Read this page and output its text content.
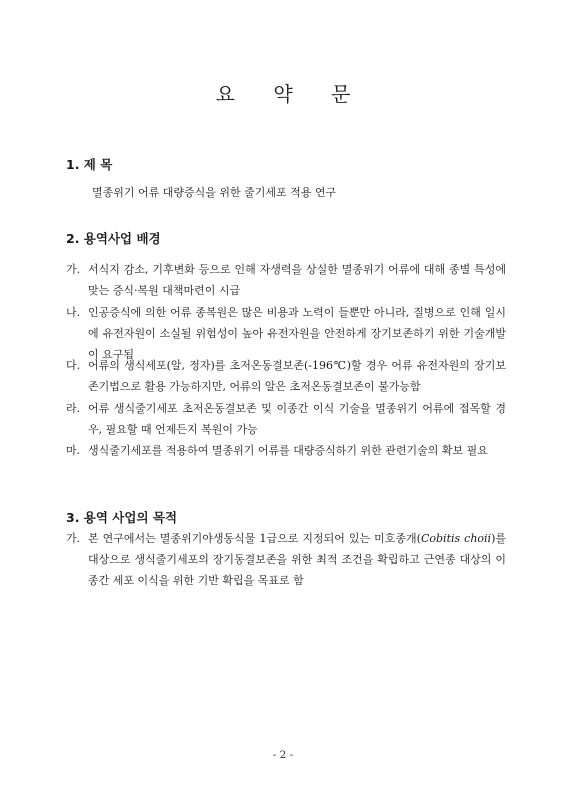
요 약 문
1. 제 목
멸종위기 어류 대량증식을 위한 줄기세포 적용 연구
2. 용역사업 배경
가. 서식지 감소, 기후변화 등으로 인해 자생력을 상실한 멸종위기 어류에 대해 종별 특성에 맞는 증식·복원 대책마련이 시급
나. 인공증식에 의한 어류 종복원은 많은 비용과 노력이 들뿐만 아니라, 질병으로 인해 일시에 유전자원이 소실될 위험성이 높아 유전자원을 안전하게 장기보존하기 위한 기술개발이 요구됨
다. 어류의 생식세포(알, 정자)를 초저온동결보존(-196℃)할 경우 어류 유전자원의 장기보존기법으로 활용 가능하지만, 어류의 알은 초저온동결보존이 불가능함
라. 어류 생식줄기세포 초저온동결보존 및 이종간 이식 기술을 멸종위기 어류에 접목할 경우, 필요할 때 언제든지 복원이 가능
마. 생식줄기세포를 적용하여 멸종위기 어류를 대량증식하기 위한 관련기술의 확보 필요
3. 용역 사업의 목적
가. 본 연구에서는 멸종위기야생동식물 1급으로 지정되어 있는 미호종개(Cobitis choii)를 대상으로 생식줄기세포의 장기동결보존을 위한 최적 조건을 확립하고 근연종 대상의 이종간 세포 이식을 위한 기반 확립을 목표로 함
- 2 -
